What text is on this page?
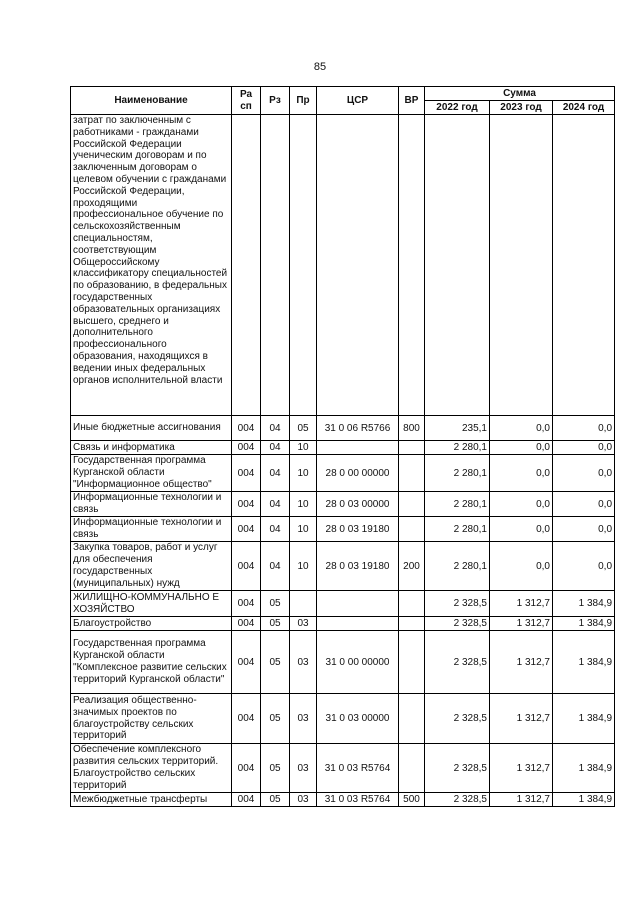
85
Наименование	Ра сп	Рз	Пр	ЦСР	ВР	Сумма		
						2022 год	2023 год	2024 год
затрат по заключенным с работниками - гражданами Российской Федерации ученическим договорам и по заключенным договорам о целевом обучении с гражданами Российской Федерации, проходящими профессиональное обучение по сельскохозяйственным специальностям, соответствующим Общероссийскому классификатору специальностей по образованию, в федеральных государственных образовательных организациях высшего, среднего и дополнительного профессионального образования, находящихся в ведении иных федеральных органов исполнительной власти								
Иные бюджетные ассигнования	004	04	05	31 0 06 R5766	800	235,1	0,0	0,0
Связь и информатика	004	04	10			2 280,1	0,0	0,0
Государственная программа Курганской области "Информационное общество"	004	04	10	28 0 00 00000		2 280,1	0,0	0,0
Информационные технологии и связь	004	04	10	28 0 03 00000		2 280,1	0,0	0,0
Информационные технологии и связь	004	04	10	28 0 03 19180		2 280,1	0,0	0,0
Закупка товаров, работ и услуг для обеспечения государственных (муниципальных) нужд	004	04	10	28 0 03 19180	200	2 280,1	0,0	0,0
ЖИЛИЩНО-КОММУНАЛЬНО Е ХОЗЯЙСТВО	004	05				2 328,5	1 312,7	1 384,9
Благоустройство	004	05	03			2 328,5	1 312,7	1 384,9
Государственная программа Курганской области "Комплексное развитие сельских территорий Курганской области"	004	05	03	31 0 00 00000		2 328,5	1 312,7	1 384,9
Реализация общественно-значимых проектов по благоустройству сельских территорий	004	05	03	31 0 03 00000		2 328,5	1 312,7	1 384,9
Обеспечение комплексного развития сельских территорий. Благоустройство сельских территорий	004	05	03	31 0 03 R5764		2 328,5	1 312,7	1 384,9
Межбюджетные трансферты	004	05	03	31 0 03 R5764	500	2 328,5	1 312,7	1 384,9
